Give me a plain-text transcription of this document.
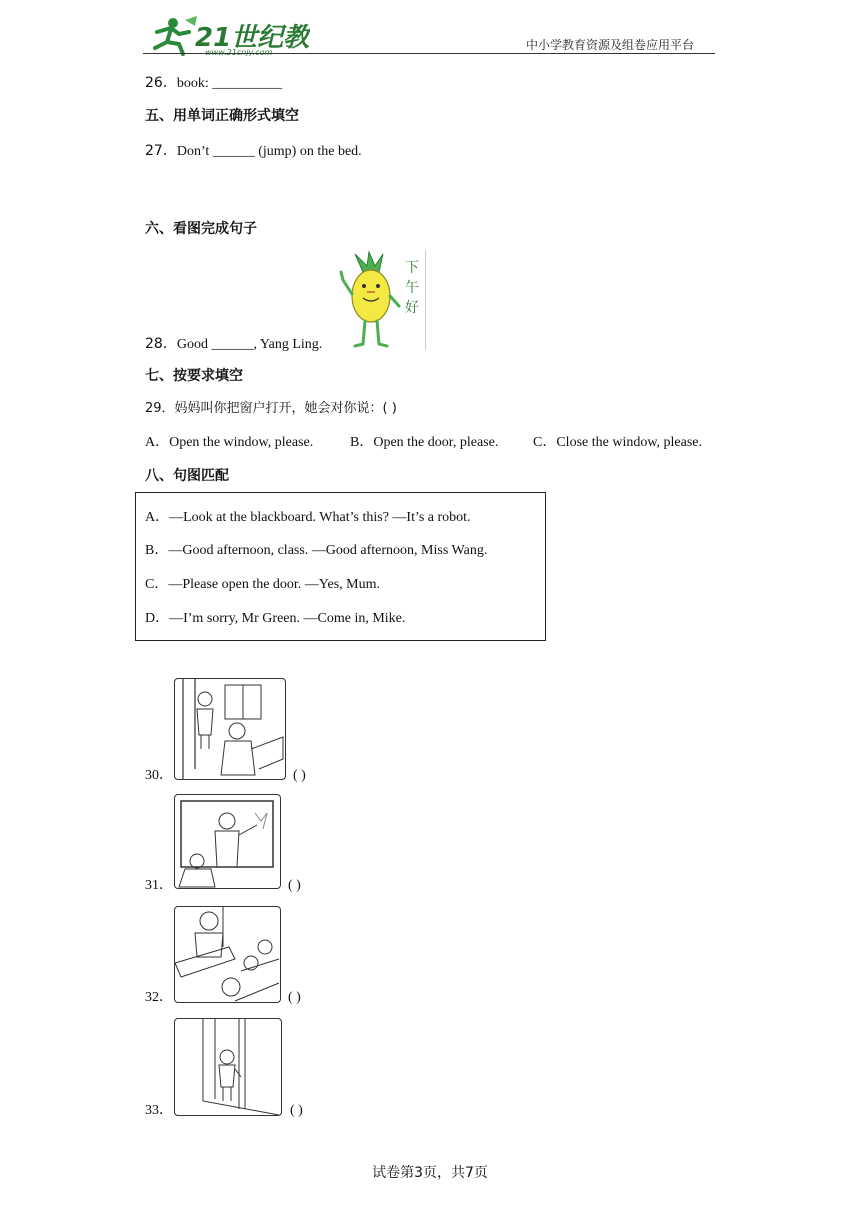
21世纪教
www.21cnjy.com
中小学教育资源及组卷应用平台
26．book: __________
五、用单词正确形式填空
27．Don’t ______ (jump) on the bed.
六、看图完成句子
下
午
好
28．Good ______, Yang Ling.
七、按要求填空
29．妈妈叫你把窗户打开，她会对你说：( )
A．Open the window, please.	B．Open the door, please. C．Close the window, please.
八、句图匹配
A．—Look at the blackboard. What’s this? —It’s a robot.
B．—Good afternoon, class. —Good afternoon, Miss Wang.
C．—Please open the door. —Yes, Mum.
D．—I’m sorry, Mr Green. —Come in, Mike.
30．	( )
31．	( )
32．	( )
33．	( )
试卷第3页，共7页
